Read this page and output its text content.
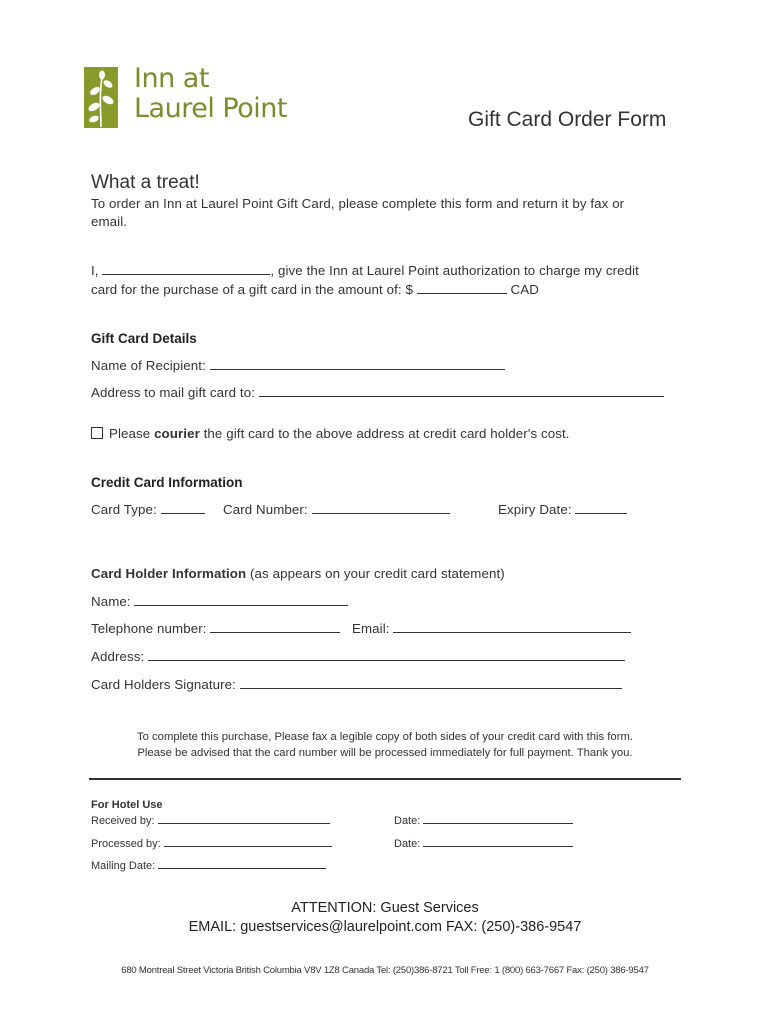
Inn at
Laurel Point	Gift Card Order Form
What a treat!
To order an Inn at Laurel Point Gift Card, please complete this form and return it by fax or
email.
I,	, give the Inn at Laurel Point authorization to charge my credit
card for the purchase of a gift card in the amount of: $	CAD
Gift Card Details
Name of Recipient:
Address to mail gift card to:
Please courier the gift card to the above address at credit card holder's cost.
Credit Card Information
Card Type:	Card Number:	Expiry Date:
Card Holder Information (as appears on your credit card statement)
Name:
Telephone number:	Email:
Address:
Card Holders Signature:
To complete this purchase, Please fax a legible copy of both sides of your credit card with this form.
Please be advised that the card number will be processed immediately for full payment. Thank you.
For Hotel Use
Received by:	Date:
Processed by:	Date:
Mailing Date:
ATTENTION: Guest Services
EMAIL: guestservices@laurelpoint.com FAX: (250)-386-9547
680 Montreal Street Victoria British Columbia V8V 1Z8 Canada Tel: (250)386-8721 Toll Free: 1 (800) 663-7667 Fax: (250) 386-9547
